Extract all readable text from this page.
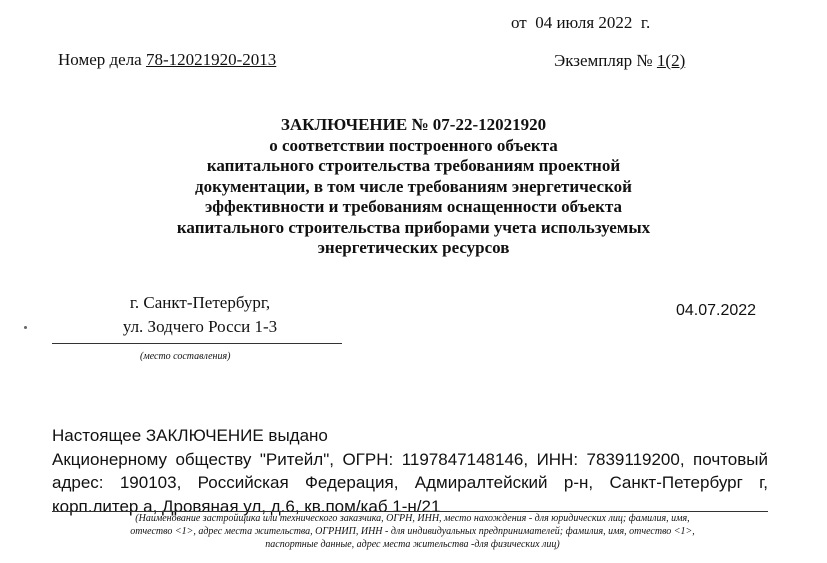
от  04 июля 2022  г.
Номер дела 78-12021920-2013	Экземпляр № 1(2)
ЗАКЛЮЧЕНИЕ № 07-22-12021920
о соответствии построенного объекта
капитального строительства требованиям проектной
документации, в том числе требованиям энергетической
эффективности и требованиям оснащенности объекта
капитального строительства приборами учета используемых
энергетических ресурсов
г. Санкт-Петербург,
ул. Зодчего Росси 1-3
(место составления)
04.07.2022
Настоящее ЗАКЛЮЧЕНИЕ выдано
Акционерному обществу "Ритейл", ОГРН: 1197847148146, ИНН: 7839119200, почтовый
адрес: 190103, Российская Федерация, Адмиралтейский р-н, Санкт-Петербург г,
корп.литер а, Дровяная ул, д.6, кв.пом/каб 1-н/21
(Наименование застройщика или технического заказчика, ОГРН, ИНН, место нахождения - для юридических лиц; фамилия, имя,
отчество <1>, адрес места жительства, ОГРНИП, ИНН - для индивидуальных предпринимателей; фамилия, имя, отчество <1>,
паспортные данные, адрес места жительства -для физических лиц)
